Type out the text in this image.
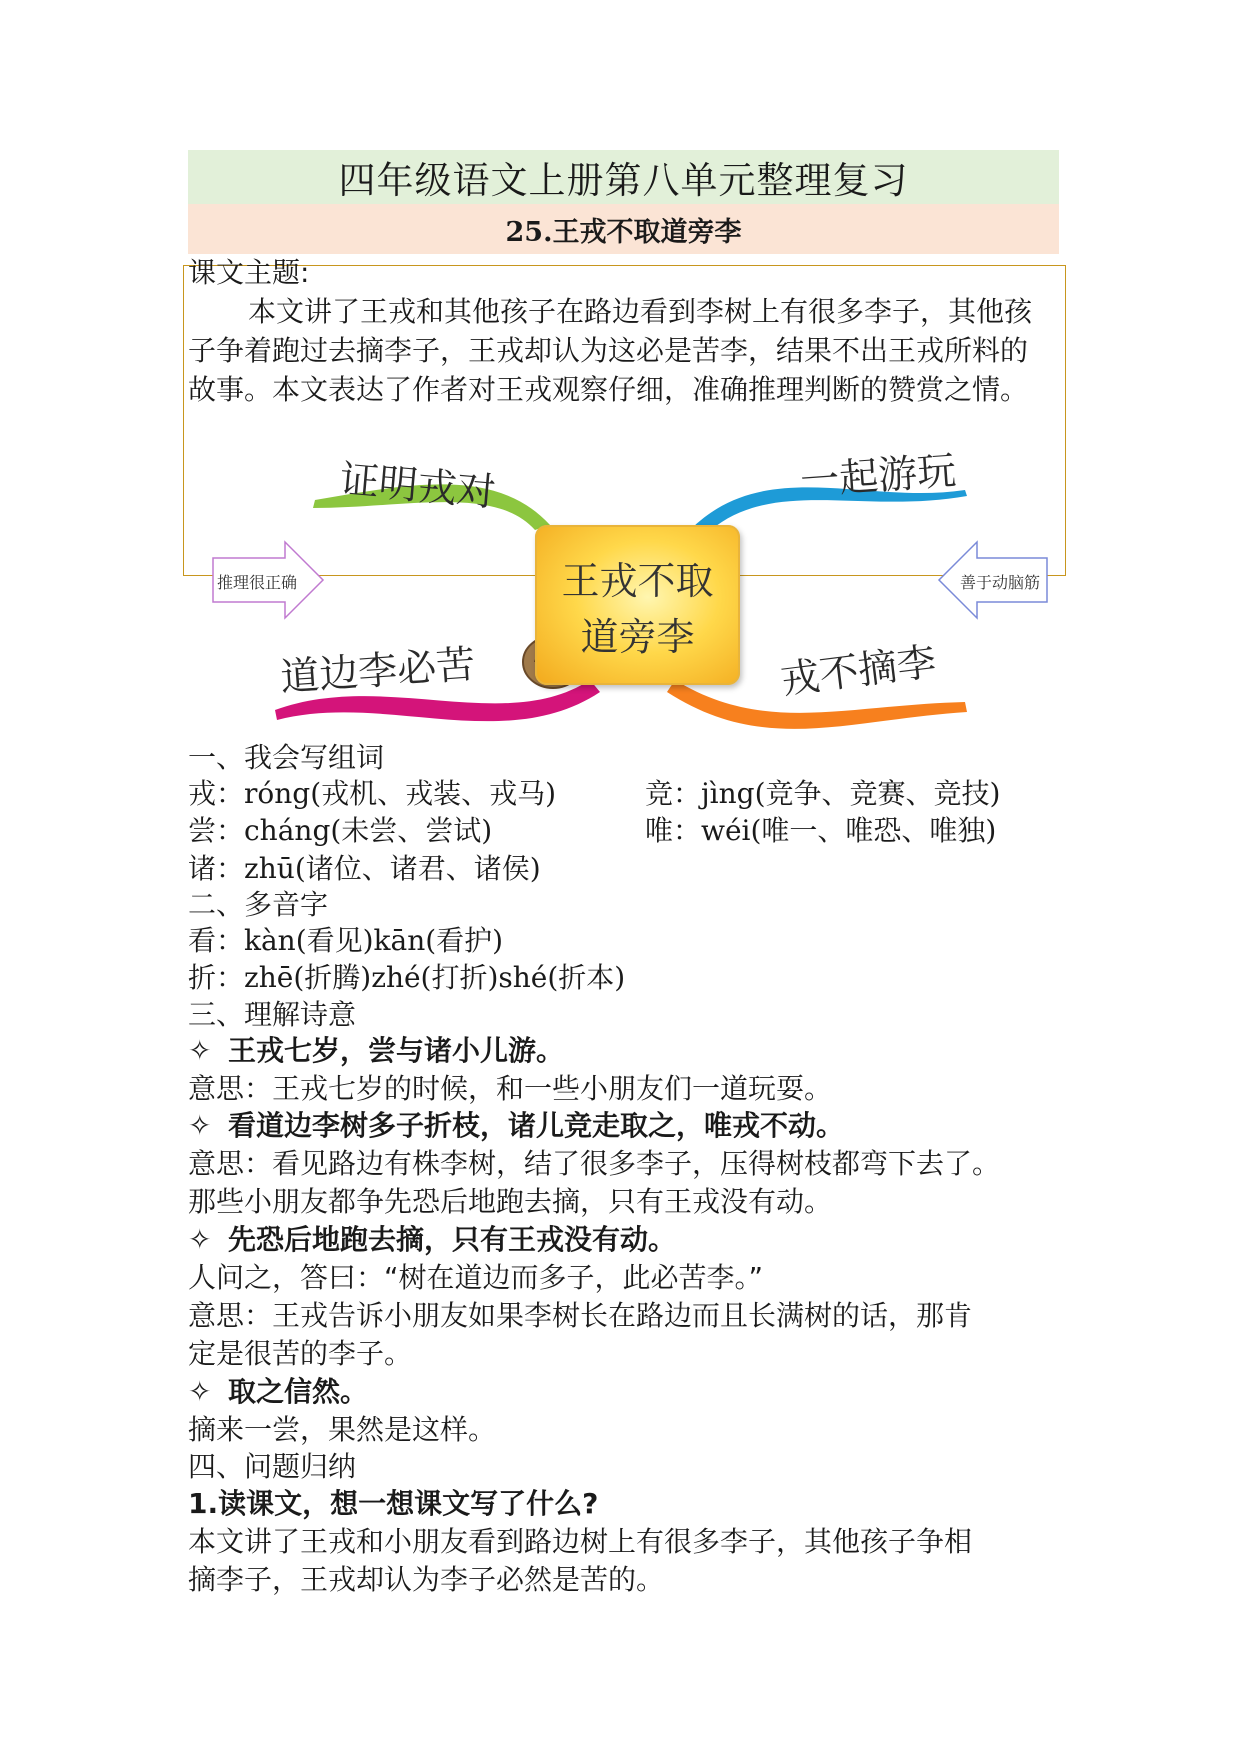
四年级语文上册第八单元整理复习
25.王戎不取道旁李
课文主题:

本文讲了王戎和其他孩子在路边看到李树上有很多李子，其他孩子争着跑过去摘李子，王戎却认为这必是苦李，结果不出王戎所料的故事。本文表达了作者对王戎观察仔细，准确推理判断的赞赏之情。

王戎不取
道旁李
证明戎对	一起游玩
道边李必苦	戎不摘李
推理很正确	善于动脑筋
一、我会写组词
戎：róng(戎机、戎装、戎马)	竞：jìng(竞争、竞赛、竞技)
尝：cháng(未尝、尝试)	唯：wéi(唯一、唯恐、唯独)
诸：zhū(诸位、诸君、诸侯)
二、多音字
看：kàn(看见)kān(看护)
折：zhē(折腾)zhé(打折)shé(折本)
三、理解诗意
✧ 王戎七岁，尝与诸小儿游。
意思：王戎七岁的时候，和一些小朋友们一道玩耍。
✧ 看道边李树多子折枝，诸儿竞走取之，唯戎不动。
意思：看见路边有株李树，结了很多李子，压得树枝都弯下去了。
那些小朋友都争先恐后地跑去摘，只有王戎没有动。
✧ 先恐后地跑去摘，只有王戎没有动。
人问之，答曰：“树在道边而多子，此必苦李。”
意思：王戎告诉小朋友如果李树长在路边而且长满树的话，那肯
定是很苦的李子。
✧ 取之信然。
摘来一尝，果然是这样。
四、问题归纳
1.读课文，想一想课文写了什么?
本文讲了王戎和小朋友看到路边树上有很多李子，其他孩子争相
摘李子，王戎却认为李子必然是苦的。
